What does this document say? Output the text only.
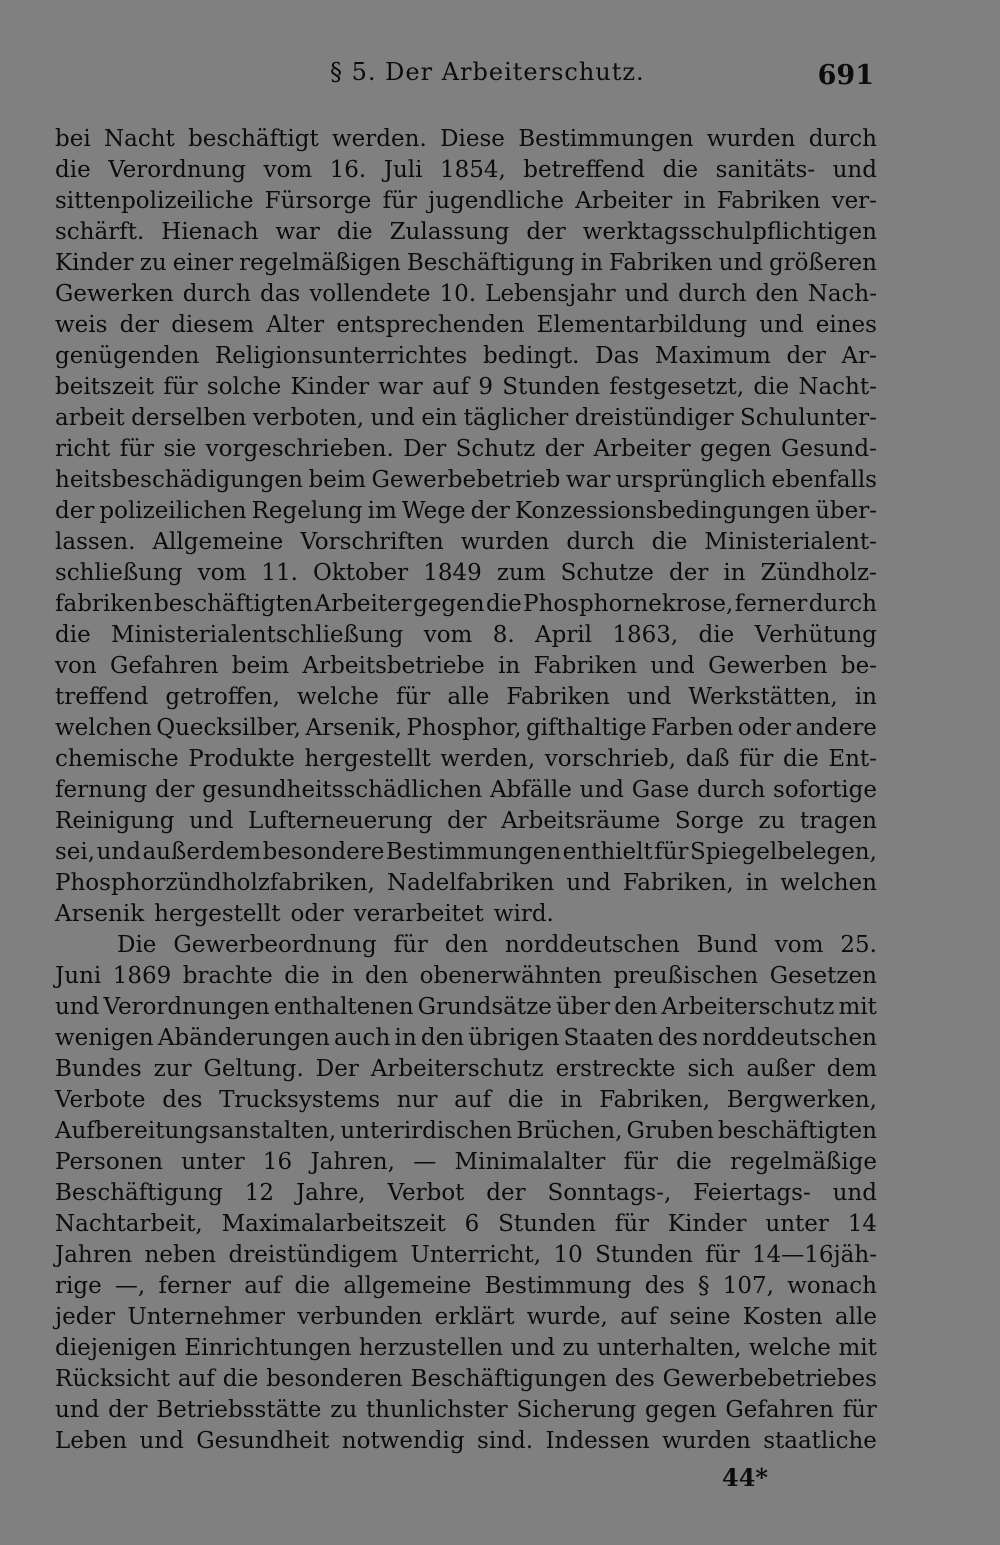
§ 5. Der Arbeiterschutz.	691
bei Nacht beschäftigt werden. Diese Bestimmungen wurden durch
die Verordnung vom 16. Juli 1854, betreffend die sanitäts- und
sittenpolizeiliche Fürsorge für jugendliche Arbeiter in Fabriken ver-
schärft. Hienach war die Zulassung der werktagsschulpflichtigen
Kinder zu einer regelmäßigen Beschäftigung in Fabriken und größeren
Gewerken durch das vollendete 10. Lebensjahr und durch den Nach-
weis der diesem Alter entsprechenden Elementarbildung und eines
genügenden Religionsunterrichtes bedingt. Das Maximum der Ar-
beitszeit für solche Kinder war auf 9 Stunden festgesetzt, die Nacht-
arbeit derselben verboten, und ein täglicher dreistündiger Schulunter-
richt für sie vorgeschrieben. Der Schutz der Arbeiter gegen Gesund-
heitsbeschädigungen beim Gewerbebetrieb war ursprünglich ebenfalls
der polizeilichen Regelung im Wege der Konzessionsbedingungen über-
lassen. Allgemeine Vorschriften wurden durch die Ministerialent-
schließung vom 11. Oktober 1849 zum Schutze der in Zündholz-
fabriken beschäftigten Arbeiter gegen die Phosphornekrose, ferner durch
die Ministerialentschließung vom 8. April 1863, die Verhütung
von Gefahren beim Arbeitsbetriebe in Fabriken und Gewerben be-
treffend getroffen, welche für alle Fabriken und Werkstätten, in
welchen Quecksilber, Arsenik, Phosphor, gifthaltige Farben oder andere
chemische Produkte hergestellt werden, vorschrieb, daß für die Ent-
fernung der gesundheitsschädlichen Abfälle und Gase durch sofortige
Reinigung und Lufterneuerung der Arbeitsräume Sorge zu tragen
sei, und außerdem besondere Bestimmungen enthielt für Spiegelbelegen,
Phosphorzündholzfabriken, Nadelfabriken und Fabriken, in welchen
Arsenik hergestellt oder verarbeitet wird.
Die Gewerbeordnung für den norddeutschen Bund vom 25.
Juni 1869 brachte die in den obenerwähnten preußischen Gesetzen
und Verordnungen enthaltenen Grundsätze über den Arbeiterschutz mit
wenigen Abänderungen auch in den übrigen Staaten des norddeutschen
Bundes zur Geltung. Der Arbeiterschutz erstreckte sich außer dem
Verbote des Trucksystems nur auf die in Fabriken, Bergwerken,
Aufbereitungsanstalten, unterirdischen Brüchen, Gruben beschäftigten
Personen unter 16 Jahren, — Minimalalter für die regelmäßige
Beschäftigung 12 Jahre, Verbot der Sonntags-, Feiertags- und
Nachtarbeit, Maximalarbeitszeit 6 Stunden für Kinder unter 14
Jahren neben dreistündigem Unterricht, 10 Stunden für 14—16jäh-
rige —, ferner auf die allgemeine Bestimmung des § 107, wonach
jeder Unternehmer verbunden erklärt wurde, auf seine Kosten alle
diejenigen Einrichtungen herzustellen und zu unterhalten, welche mit
Rücksicht auf die besonderen Beschäftigungen des Gewerbebetriebes
und der Betriebsstätte zu thunlichster Sicherung gegen Gefahren für
Leben und Gesundheit notwendig sind. Indessen wurden staatliche
44*
